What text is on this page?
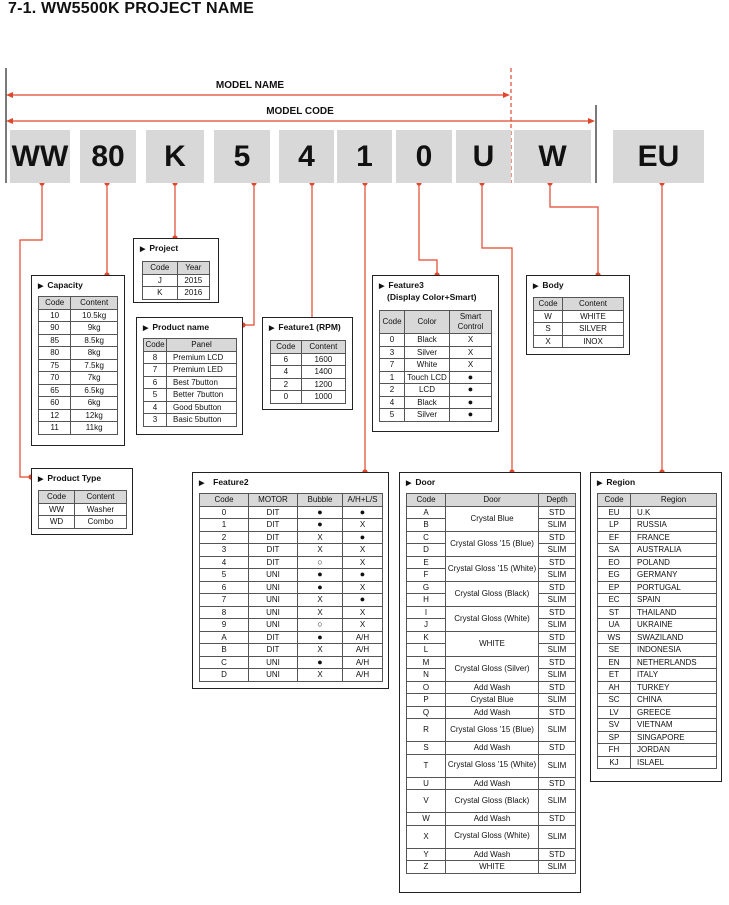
7-1. WW5500K PROJECT NAME
MODEL NAME
MODEL CODE
WW 80	K	5	4	1	0	U	W	EU
▶ Project
Code	Year
J	2015
K	2016
▶ Capacity
Code	Content
10	10.5kg
90	9kg
85	8.5kg
80	8kg
75	7.5kg
70	7kg
65	6.5kg
60	6kg
12	12kg
11	11kg
▶ Product name
Code	Panel
8	Premium LCD
7	Premium LED
6	Best 7button
5	Better 7button
4	Good 5button
3	Basic 5button
▶ Feature1 (RPM)
Code	Content
6	1600
4	1400
2	1200
0	1000
▶ Feature3
(Display Color+Smart)
Code	Color	Smart Control
0	Black	X
3	Silver	X
7	White	X
1	Touch LCD	●
2	LCD	●
4	Black	●
5	Silver	●
▶ Body
Code	Content
W	WHITE
S	SILVER
X	INOX
▶ Product Type
Code	Content
WW	Washer
WD	Combo
▶ Feature2
Code	MOTOR	Bubble	A/H+L/S
0	DIT	●	●
1	DIT	●	X
2	DIT	X	●
3	DIT	X	X
4	DIT	○	X
5	UNI	●	●
6	UNI	●	X
7	UNI	X	●
8	UNI	X	X
9	UNI	○	X
A	DIT	●	A/H
B	DIT	X	A/H
C	UNI	●	A/H
D	UNI	X	A/H
▶ Door
Code	Door	Depth
A	Crystal Blue	STD
B		SLIM
C	Crystal Gloss '15 (Blue)	STD
D		SLIM
E	Crystal Gloss '15 (White)	STD
F		SLIM
G	Crystal Gloss (Black)	STD
H		SLIM
I	Crystal Gloss (White)	STD
J		SLIM
K	WHITE	STD
L		SLIM
M	Crystal Gloss (Silver)	STD
N		SLIM
O	Add Wash	STD
P	Crystal Blue	SLIM
Q	Add Wash	STD
R	Crystal Gloss '15 (Blue)	SLIM
S	Add Wash	STD
T	Crystal Gloss '15 (White)	SLIM
U	Add Wash	STD
V	Crystal Gloss (Black)	SLIM
W	Add Wash	STD
X	Crystal Gloss (White)	SLIM
Y	Add Wash	STD
Z	WHITE	SLIM
▶ Region
Code	Region
EU	U.K
LP	RUSSIA
EF	FRANCE
SA	AUSTRALIA
EO	POLAND
EG	GERMANY
EP	PORTUGAL
EC	SPAIN
ST	THAILAND
UA	UKRAINE
WS	SWAZILAND
SE	INDONESIA
EN	NETHERLANDS
ET	ITALY
AH	TURKEY
SC	CHINA
LV	GREECE
SV	VIETNAM
SP	SINGAPORE
FH	JORDAN
KJ	ISLAEL
